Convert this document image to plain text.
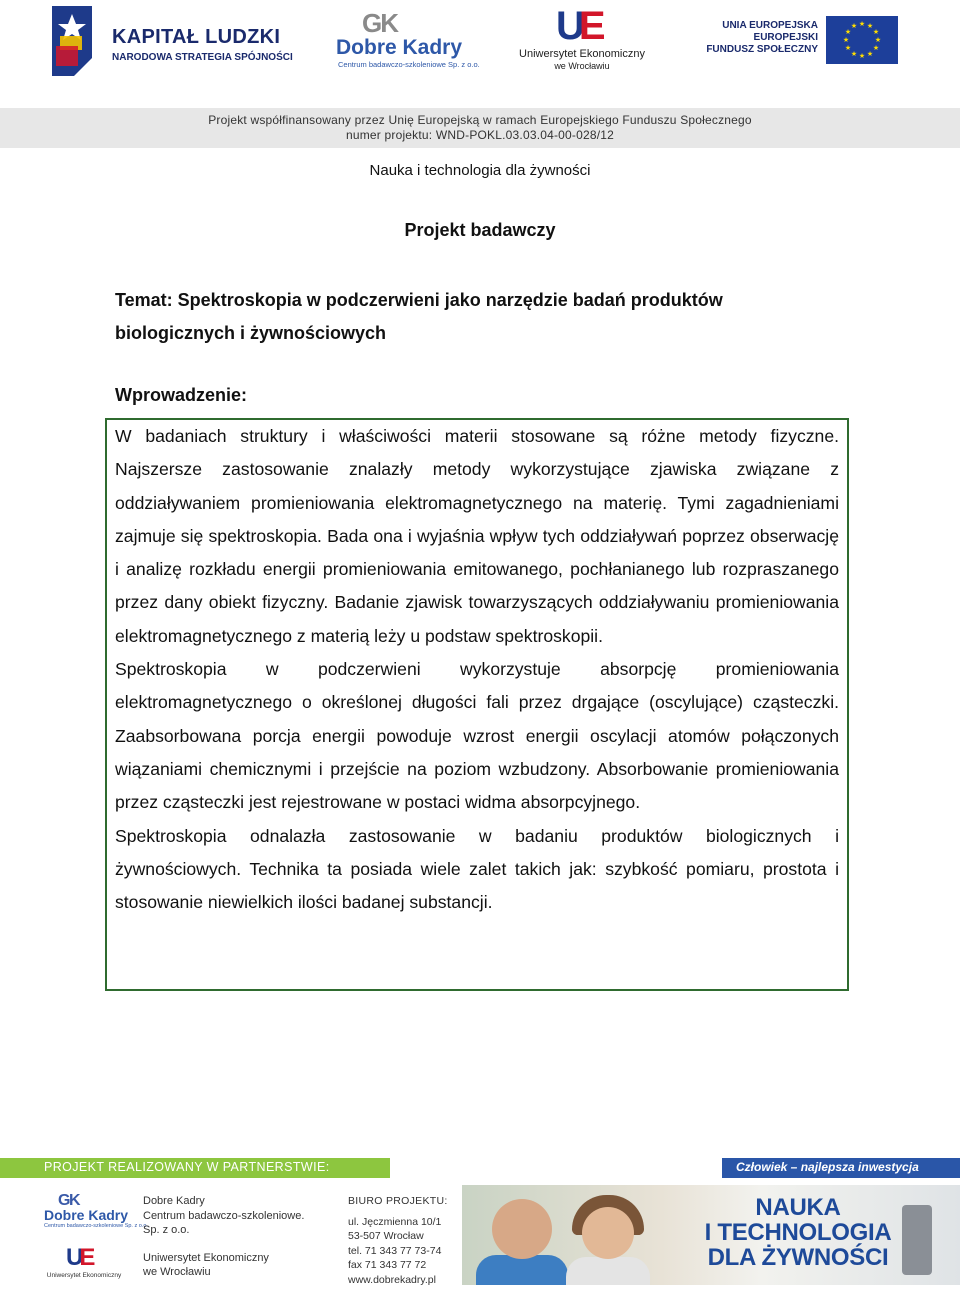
KAPITAŁ LUDZKI
NARODOWA STRATEGIA SPÓJNOŚCI
GK
Dobre Kadry
Centrum badawczo-szkoleniowe Sp. z o.o.
UE
Uniwersytet Ekonomiczny
we Wrocławiu
UNIA EUROPEJSKA
EUROPEJSKI
FUNDUSZ SPOŁECZNY
★ ★
★
★
★
★
★
★
★
★
★
★
Projekt współfinansowany przez Unię Europejską w ramach Europejskiego Funduszu Społecznego
numer projektu: WND-POKL.03.03.04-00-028/12
Nauka i technologia dla żywności
Projekt badawczy
Temat: Spektroskopia w podczerwieni jako narzędzie badań produktów
biologicznych i żywnościowych
Wprowadzenie:

W badaniach struktury i właściwości materii stosowane są różne metody fizyczne. Najszersze zastosowanie znalazły metody wykorzystujące zjawiska związane z oddziaływaniem promieniowania elektromagnetycznego na materię. Tymi zagadnieniami zajmuje się spektroskopia. Bada ona i wyjaśnia wpływ tych oddziaływań poprzez obserwację i analizę rozkładu energii promieniowania emitowanego, pochłanianego lub rozpraszanego przez dany obiekt fizyczny. Badanie zjawisk towarzyszących oddziaływaniu promieniowania elektromagnetycznego z materią leży u podstaw spektroskopii.

Spektroskopia w podczerwieni wykorzystuje absorpcję promieniowania elektromagnetycznego o określonej długości fali przez drgające (oscylujące) cząsteczki. Zaabsorbowana porcja energii powoduje wzrost energii oscylacji atomów połączonych wiązaniami chemicznymi i przejście na poziom wzbudzony. Absorbowanie promieniowania przez cząsteczki jest rejestrowane w postaci widma absorpcyjnego.

Spektroskopia odnalazła zastosowanie w badaniu produktów biologicznych i żywnościowych. Technika ta posiada wiele zalet takich jak: szybkość pomiaru, prostota i stosowanie niewielkich ilości badanej substancji.

PROJEKT REALIZOWANY W PARTNERSTWIE:	Człowiek – najlepsza inwestycja
GK
Dobre Kadry
Centrum badawczo-szkoleniowe Sp. z o.o.
Dobre Kadry
Centrum badawczo-szkoleniowe.
Sp. z o.o.
UE
Uniwersytet Ekonomiczny
Uniwersytet Ekonomiczny
we Wrocławiu
BIURO PROJEKTU:
ul. Jęczmienna 10/1
53-507 Wrocław
tel. 71 343 77 73-74
fax 71 343 77 72
www.dobrekadry.pl
NAUKA
I TECHNOLOGIA
DLA ŻYWNOŚCI
